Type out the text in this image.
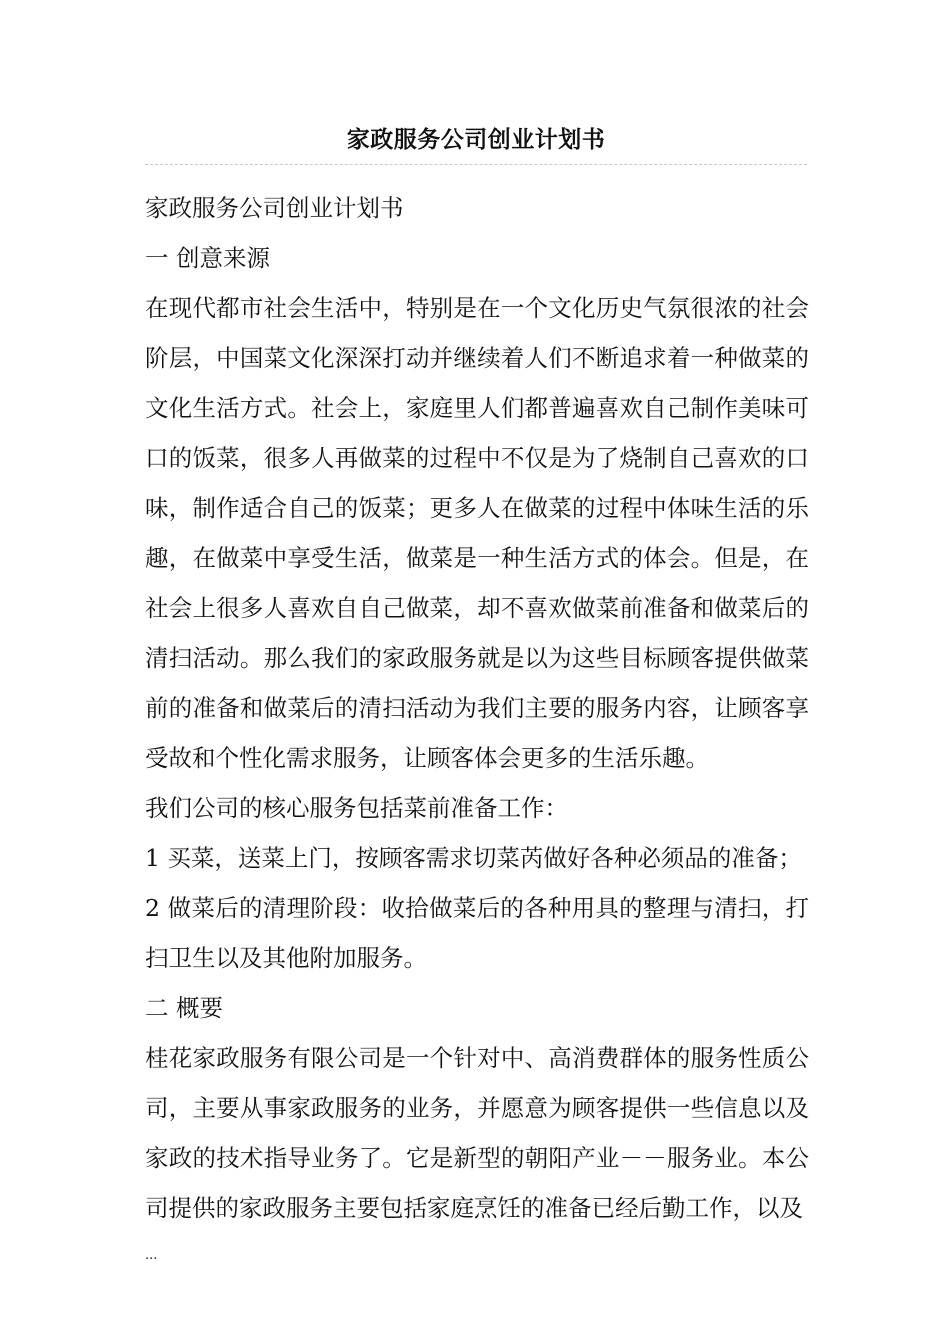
家政服务公司创业计划书

家政服务公司创业计划书

一 创意来源

在现代都市社会生活中，特别是在一个文化历史气氛很浓的社会阶层，中国菜文化深深打动并继续着人们不断追求着一种做菜的文化生活方式。社会上，家庭里人们都普遍喜欢自己制作美味可口的饭菜，很多人再做菜的过程中不仅是为了烧制自己喜欢的口味，制作适合自己的饭菜；更多人在做菜的过程中体味生活的乐趣，在做菜中享受生活，做菜是一种生活方式的体会。但是，在社会上很多人喜欢自自己做菜，却不喜欢做菜前准备和做菜后的清扫活动。那么我们的家政服务就是以为这些目标顾客提供做菜前的准备和做菜后的清扫活动为我们主要的服务内容，让顾客享受故和个性化需求服务，让顾客体会更多的生活乐趣。

我们公司的核心服务包括菜前准备工作：

1 买菜，送菜上门，按顾客需求切菜芮做好各种必须品的准备；

2 做菜后的清理阶段：收拾做菜后的各种用具的整理与清扫，打扫卫生以及其他附加服务。

二 概要

桂花家政服务有限公司是一个针对中、高消费群体的服务性质公司，主要从事家政服务的业务，并愿意为顾客提供一些信息以及家政的技术指导业务了。它是新型的朝阳产业－－服务业。本公司提供的家政服务主要包括家庭烹饪的准备已经后勤工作，以及

...
